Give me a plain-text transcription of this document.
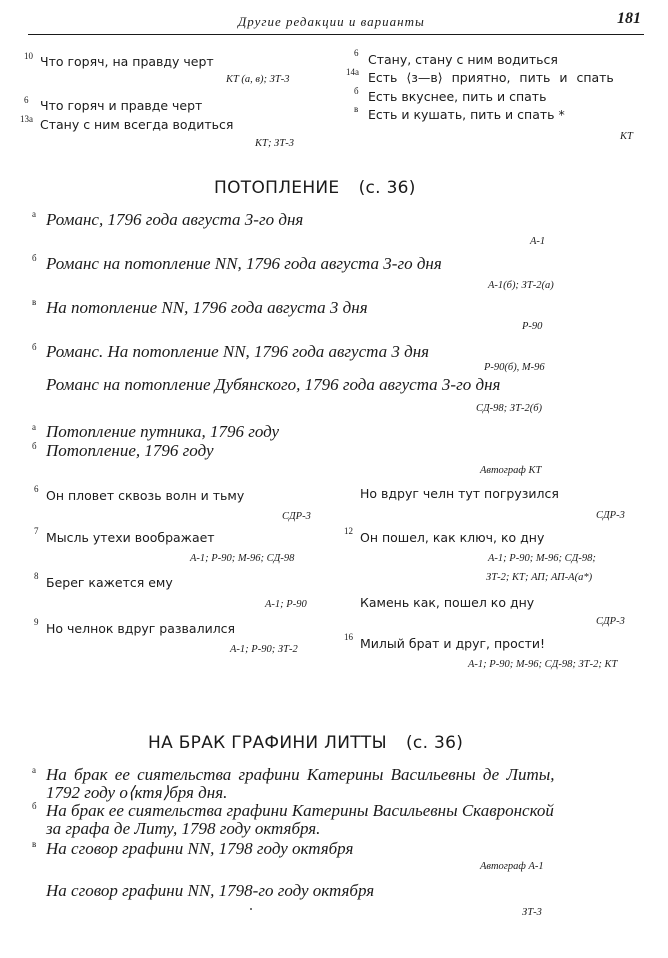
Другие редакции и варианты	181
10 Что горяч, на правду черт
КТ (а, в); ЗТ-3
6 Что горяч и правде черт
13а Стану с ним всегда водиться
КТ; ЗТ-3
6 Стану, стану с ним водиться
14а Есть ⟨з—в⟩ приятно, пить и спать
б Есть вкуснее, пить и спать
в Есть и кушать, пить и спать *
КТ
ПОТОПЛЕНИЕ (с. 36)
а Романс, 1796 года августа 3-го дня
А-1
б Романс на потопление NN, 1796 года августа 3-го дня
А-1(б); ЗТ-2(а)
в На потопление NN, 1796 года августа 3 дня
Р-90
б Романс. На потопление NN, 1796 года августа 3 дня
Р-90(б), М-96
Романс на потопление Дубянского, 1796 года августа 3-го дня
СД-98; ЗТ-2(б)
а Потопление путника, 1796 году
б Потопление, 1796 году
Автограф КТ
6 Он пловет сквозь волн и тьму
СДР-3
7 Мысль утехи воображает
А-1; Р-90; М-96; СД-98
8 Берег кажется ему
А-1; Р-90
9 Но челнок вдруг развалился
А-1; Р-90; ЗТ-2
Но вдруг челн тут погрузился
СДР-3
12 Он пошел, как ключ, ко дну
А-1; Р-90; М-96; СД-98;
ЗТ-2; КТ; АП; АП-А(а*)
Камень как, пошел ко дну
СДР-3
16 Милый брат и друг, прости!
А-1; Р-90; М-96; СД-98; ЗТ-2; КТ
НА БРАК ГРАФИНИ ЛИТТЫ (с. 36)
а На брак ее сиятельства графини Катерины Васильевны де Литы,
1792 году о⟨ктя⟩бря дня.
б На брак ее сиятельства графини Катерины Васильевны Скавронской
за графа де Литу, 1798 году октября.
в На сговор графини NN, 1798 году октября
Автограф А-1
На сговор графини NN, 1798-го году октября
ЗТ-3
